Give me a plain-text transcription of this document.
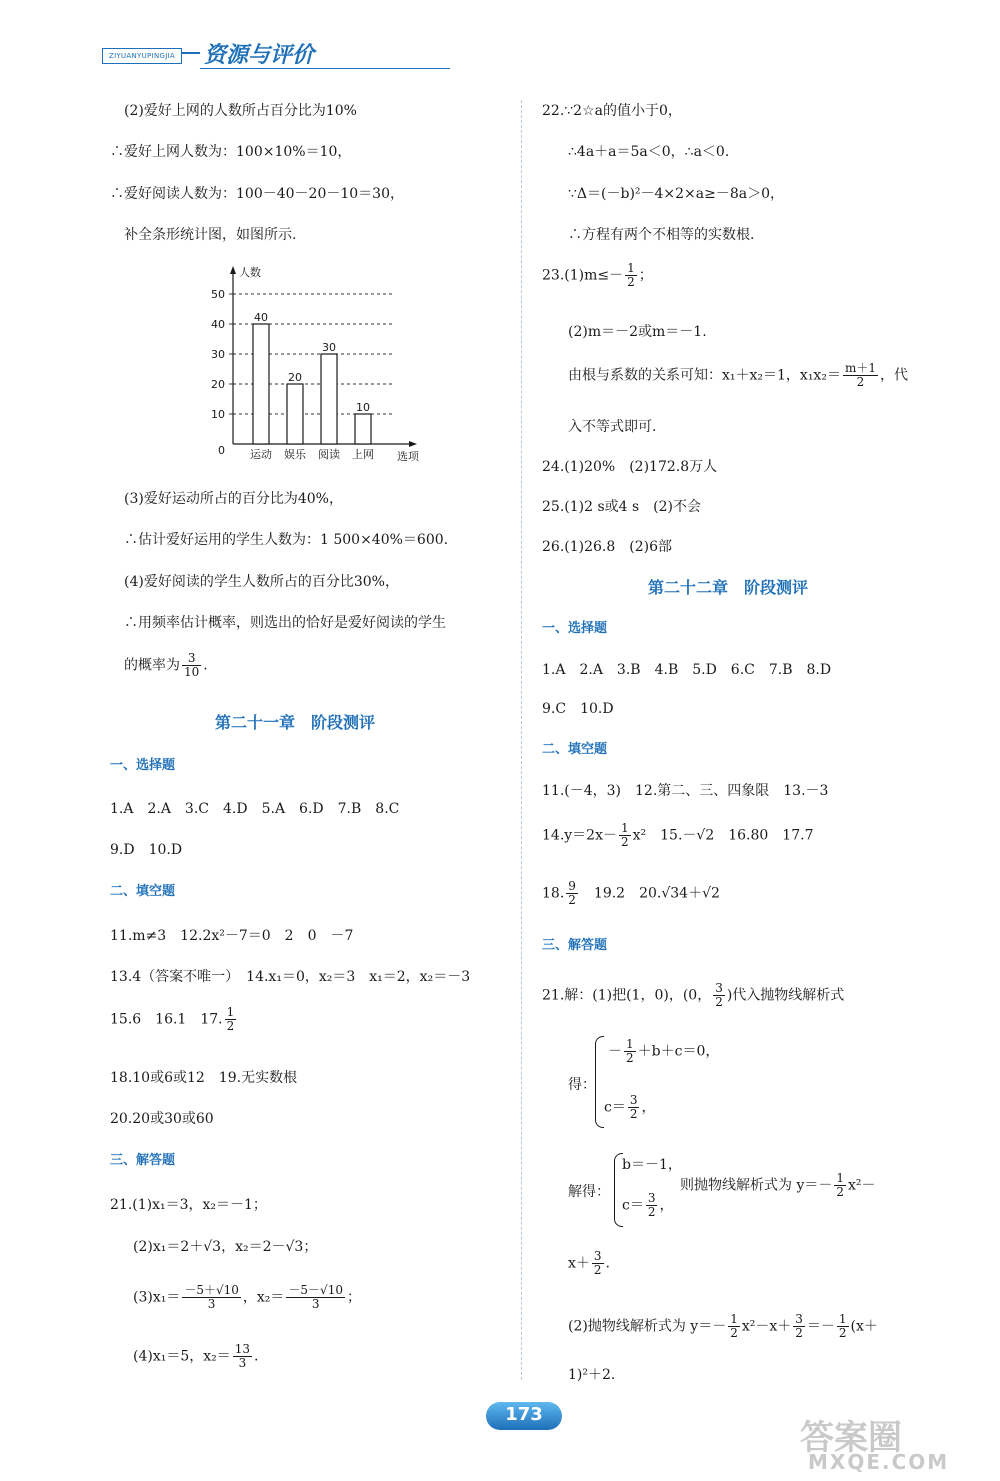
ZIYUANYUPINGJIA	资源与评价
(2)爱好上网的人数所占百分比为10%
∴爱好上网人数为：100×10%＝10，
∴爱好阅读人数为：100－40－20－10＝30，
补全条形统计图，如图所示.
0
10
20
30
40
50
人数
选项
40
运动
20
娱乐
30
阅读
10
上网
(3)爱好运动所占的百分比为40%，
∴估计爱好运用的学生人数为：1 500×40%＝600.
(4)爱好阅读的学生人数所占的百分比30%，
∴用频率估计概率，则选出的恰好是爱好阅读的学生
的概率为 $\frac{3}{10}$ .
第二十一章　阶段测评
一、选择题
1.A　2.A　3.C　4.D　5.A　6.D　7.B　8.C
9.D　10.D
二、填空题
11.m≠3　12.2x²－7＝0　2　0　－7
13.4（答案不唯一）　14.x₁＝0，x₂＝3　x₁＝2，x₂＝－3
15.6　16.1　17. $\frac{1}{2}$
18.10或6或12　19.无实数根
20.20或30或60
三、解答题
21.(1)x₁＝3，x₂＝－1；
(2)x₁＝2＋√3，x₂＝2－√3；
$(3)x_1= \frac{-5+√10}{3}$ ，$x_2= \frac{-5-√10}{3}$ ；
(4)x₁＝5，$x_2= \frac{13}{3}$ .
22.∵2☆a的值小于0，
∴4a＋a＝5a＜0，∴a＜0.
∵Δ＝(－b)²－4×2×a≥－8a＞0，
∴方程有两个不相等的实数根.
$23.(1)m\le- \frac{1}{2}$ ；
(2)m＝－2或m＝－1.
由根与系数的关系可知：x₁＋x₂＝1，$x_1x_2= \frac{m+1}{2}$ ，代
入不等式即可.
24.(1)20%　(2)172.8万人
25.(1)2 s或4 s　(2)不会
26.(1)26.8　(2)6部
第二十二章　阶段测评
一、选择题
1.A　2.A　3.B　4.B　5.D　6.C　7.B　8.D
9.C　10.D
二、填空题
11.(－4，3)　12.第二、三、四象限　13.－3
$14.y=2x- \frac{1}{2} x^2$　15.－√2　16.80　17.7
18. $\frac{9}{2}$ 　19.2　20.√34＋√2
三、解答题
21.解：(1)把(1，0)，(0， $\frac{3}{2}$ )代入抛物线解析式
得：
－ $\frac{1}{2} +b+c=0$，
$c= \frac{3}{2}$ ，
解得：
b＝－1，
$c= \frac{3}{2}$ ，
则抛物线解析式为 $y=- \frac{1}{2} x^2-$
$x+ \frac{3}{2}$ .
(2)抛物线解析式为 $y=- \frac{1}{2} x^2-x+ \frac{3}{2} =- \frac{1}{2} (x+$
1)²＋2.
173
答案圈
MXQE.COM
